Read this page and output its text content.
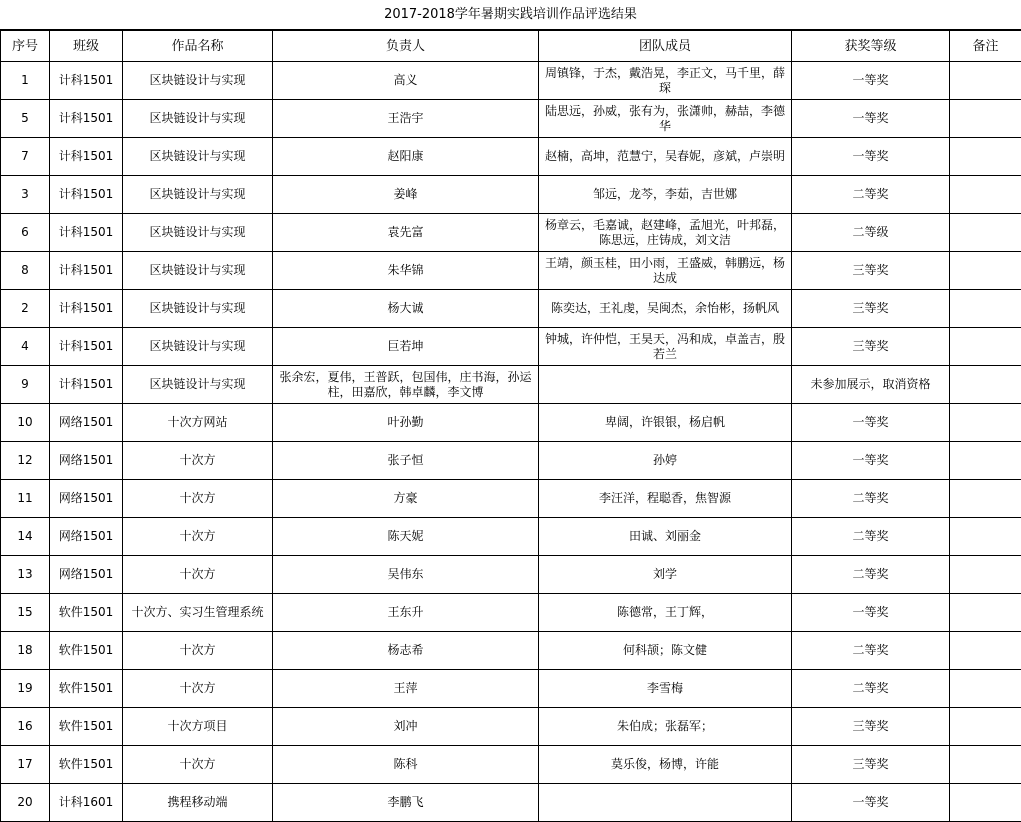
2017-2018学年暑期实践培训作品评选结果
序号	班级	作品名称	负责人	团队成员	获奖等级	备注
1	计科1501	区块链设计与实现	高义	周镇锋，于杰，戴浩晃，李正文，马千里，薛琛	一等奖	
5	计科1501	区块链设计与实现	王浩宇	陆思远，孙威，张有为，张潇帅，赫喆，李德华	一等奖	
7	计科1501	区块链设计与实现	赵阳康	赵楠，高坤，范慧宁，吴春妮，彦斌，卢崇明	一等奖	
3	计科1501	区块链设计与实现	姜峰	邹远，龙芩，李茹，吉世娜	二等奖	
6	计科1501	区块链设计与实现	袁先富	杨章云，毛嘉诚，赵建峰，孟旭光，叶邦磊，陈思远，庄铸成，刘文洁	二等级	
8	计科1501	区块链设计与实现	朱华锦	王靖，颜玉桂，田小雨，王盛威，韩鹏远，杨达成	三等奖	
2	计科1501	区块链设计与实现	杨大诚	陈奕达，王礼虔，吴闽杰，余怡彬，扬帆风	三等奖	
4	计科1501	区块链设计与实现	巨若坤	钟城，许仲恺，王昊天，冯和成，卓盖吉，殷若兰	三等奖	
9	计科1501	区块链设计与实现	张余宏，夏伟，王普跃，包国伟，庄书海，孙运柱，田嘉欣，韩卓麟，李文博		未参加展示，取消资格	
10	网络1501	十次方网站	叶孙勤	卑阔，许银银，杨启帆	一等奖	
12	网络1501	十次方	张子恒	孙婷	一等奖	
11	网络1501	十次方	方豪	李汪洋，程聪香，焦智源	二等奖	
14	网络1501	十次方	陈天妮	田诚、刘丽金	二等奖	
13	网络1501	十次方	吴伟东	刘学	二等奖	
15	软件1501	十次方、实习生管理系统	王东升	陈德常，王丁辉，	一等奖	
18	软件1501	十次方	杨志希	何科颉；陈文健	二等奖	
19	软件1501	十次方	王萍	李雪梅	二等奖	
16	软件1501	十次方项目	刘冲	朱伯成；张磊军；	三等奖	
17	软件1501	十次方	陈科	莫乐俊，杨博，许能	三等奖	
20	计科1601	携程移动端	李鹏飞		一等奖	
